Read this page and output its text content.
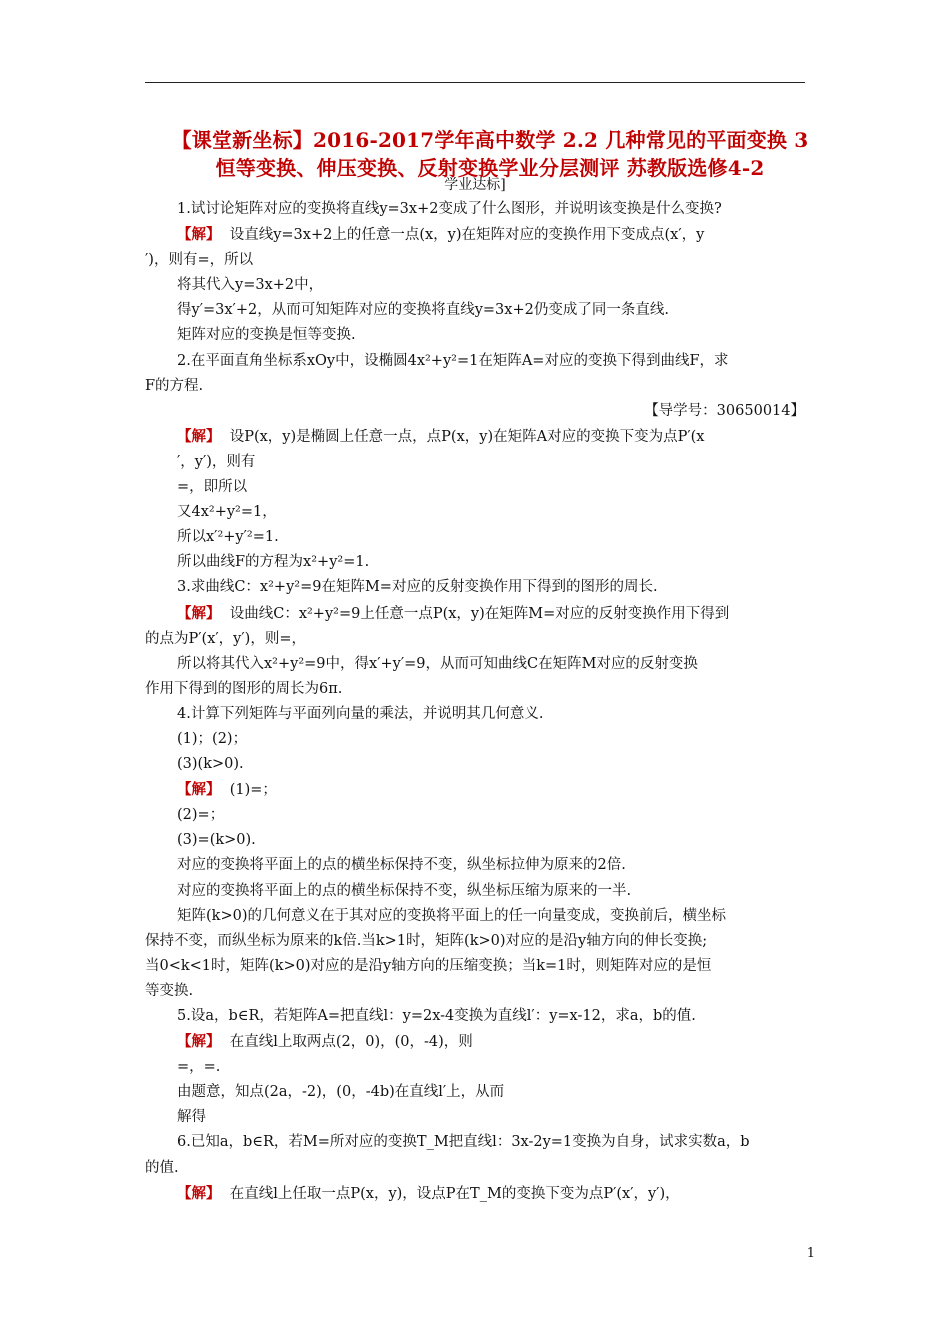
【课堂新坐标】2016-2017学年高中数学 2.2 几种常见的平面变换 3
恒等变换、伸压变换、反射变换学业分层测评 苏教版选修4-2
学业达标]
1.试讨论矩阵对应的变换将直线y=3x+2变成了什么图形，并说明该变换是什么变换?
【解】 设直线y=3x+2上的任意一点(x，y)在矩阵对应的变换作用下变成点(x′，y
′)，则有=，所以
将其代入y=3x+2中，
得y′=3x′+2，从而可知矩阵对应的变换将直线y=3x+2仍变成了同一条直线.
矩阵对应的变换是恒等变换.
2.在平面直角坐标系xOy中，设椭圆4x²+y²=1在矩阵A=对应的变换下得到曲线F，求
F的方程.
【导学号：30650014】
【解】 设P(x，y)是椭圆上任意一点，点P(x，y)在矩阵A对应的变换下变为点P′(x
′，y′)，则有
=，即所以
又4x²+y²=1，
所以x′²+y′²=1.
所以曲线F的方程为x²+y²=1.
3.求曲线C：x²+y²=9在矩阵M=对应的反射变换作用下得到的图形的周长.
【解】 设曲线C：x²+y²=9上任意一点P(x，y)在矩阵M=对应的反射变换作用下得到
的点为P′(x′，y′)，则=，
所以将其代入x²+y²=9中，得x′+y′=9，从而可知曲线C在矩阵M对应的反射变换
作用下得到的图形的周长为6π.
4.计算下列矩阵与平面列向量的乘法，并说明其几何意义.
(1)；(2)；
(3)(k>0).
【解】 (1)=；
(2)=；
(3)=(k>0).
对应的变换将平面上的点的横坐标保持不变，纵坐标拉伸为原来的2倍.
对应的变换将平面上的点的横坐标保持不变，纵坐标压缩为原来的一半.
矩阵(k>0)的几何意义在于其对应的变换将平面上的任一向量变成，变换前后，横坐标
保持不变，而纵坐标为原来的k倍.当k>1时，矩阵(k>0)对应的是沿y轴方向的伸长变换;
当0<k<1时，矩阵(k>0)对应的是沿y轴方向的压缩变换；当k=1时，则矩阵对应的是恒
等变换.
5.设a，b∈R，若矩阵A=把直线l：y=2x-4变换为直线l′：y=x-12，求a，b的值.
【解】 在直线l上取两点(2，0)，(0，-4)，则
=，=.
由题意，知点(2a，-2)，(0，-4b)在直线l′上，从而
解得
6.已知a，b∈R，若M=所对应的变换T_M把直线l：3x-2y=1变换为自身，试求实数a，b
的值.
【解】 在直线l上任取一点P(x，y)，设点P在T_M的变换下变为点P′(x′，y′)，
1
